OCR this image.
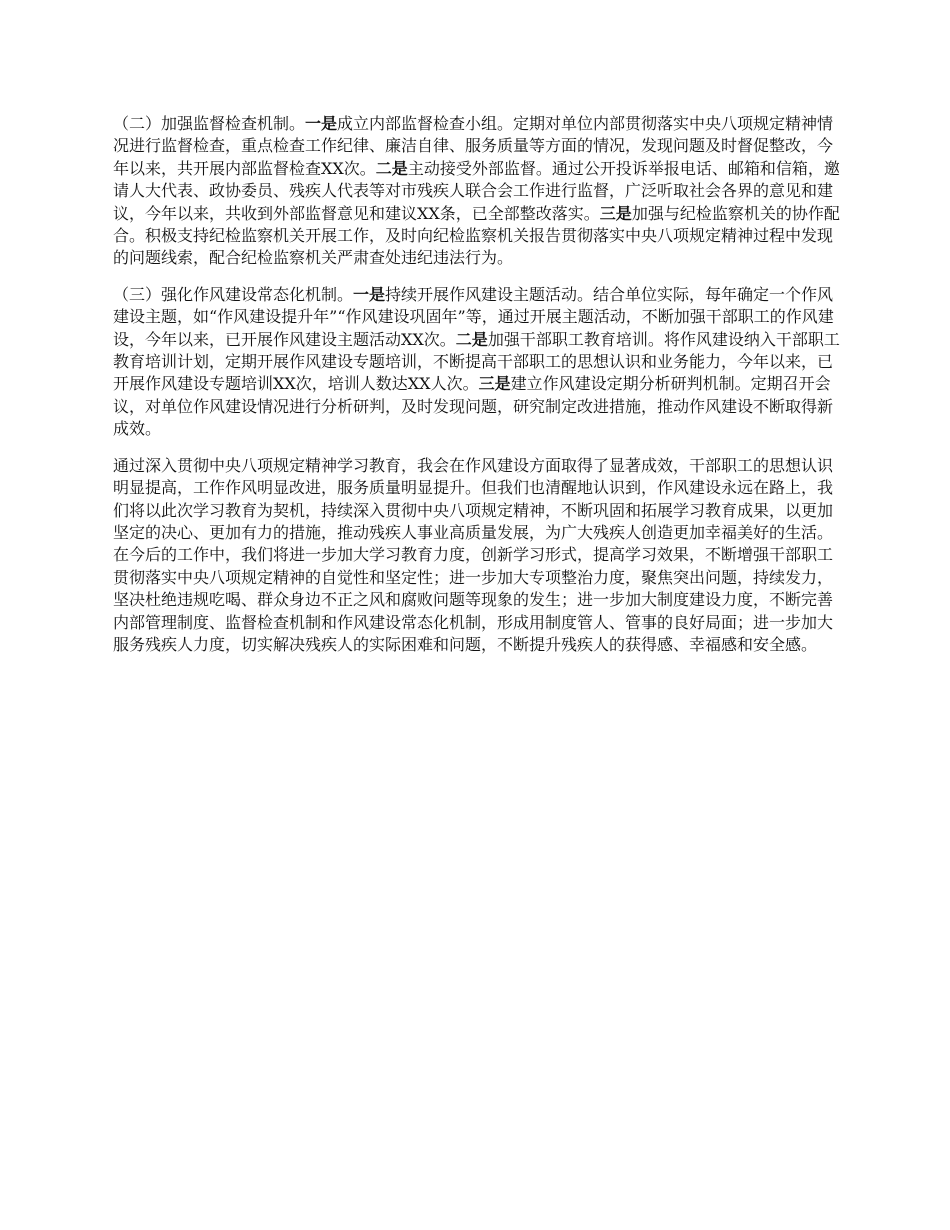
（二）加强监督检查机制。一是成立内部监督检查小组。定期对单位内部贯彻落实中央八项规定精神情况进行监督检查，重点检查工作纪律、廉洁自律、服务质量等方面的情况，发现问题及时督促整改，今年以来，共开展内部监督检查XX次。二是主动接受外部监督。通过公开投诉举报电话、邮箱和信箱，邀请人大代表、政协委员、残疾人代表等对市残疾人联合会工作进行监督，广泛听取社会各界的意见和建议，今年以来，共收到外部监督意见和建议XX条，已全部整改落实。三是加强与纪检监察机关的协作配合。积极支持纪检监察机关开展工作，及时向纪检监察机关报告贯彻落实中央八项规定精神过程中发现的问题线索，配合纪检监察机关严肃查处违纪违法行为。

（三）强化作风建设常态化机制。一是持续开展作风建设主题活动。结合单位实际，每年确定一个作风建设主题，如“作风建设提升年”“作风建设巩固年”等，通过开展主题活动，不断加强干部职工的作风建设，今年以来，已开展作风建设主题活动XX次。二是加强干部职工教育培训。将作风建设纳入干部职工教育培训计划，定期开展作风建设专题培训，不断提高干部职工的思想认识和业务能力，今年以来，已开展作风建设专题培训XX次，培训人数达XX人次。三是建立作风建设定期分析研判机制。定期召开会议，对单位作风建设情况进行分析研判，及时发现问题，研究制定改进措施，推动作风建设不断取得新成效。

通过深入贯彻中央八项规定精神学习教育，我会在作风建设方面取得了显著成效，干部职工的思想认识明显提高，工作作风明显改进，服务质量明显提升。但我们也清醒地认识到，作风建设永远在路上，我们将以此次学习教育为契机，持续深入贯彻中央八项规定精神，不断巩固和拓展学习教育成果，以更加坚定的决心、更加有力的措施，推动残疾人事业高质量发展，为广大残疾人创造更加幸福美好的生活。在今后的工作中，我们将进一步加大学习教育力度，创新学习形式，提高学习效果，不断增强干部职工贯彻落实中央八项规定精神的自觉性和坚定性；进一步加大专项整治力度，聚焦突出问题，持续发力，坚决杜绝违规吃喝、群众身边不正之风和腐败问题等现象的发生；进一步加大制度建设力度，不断完善内部管理制度、监督检查机制和作风建设常态化机制，形成用制度管人、管事的良好局面；进一步加大服务残疾人力度，切实解决残疾人的实际困难和问题，不断提升残疾人的获得感、幸福感和安全感。
